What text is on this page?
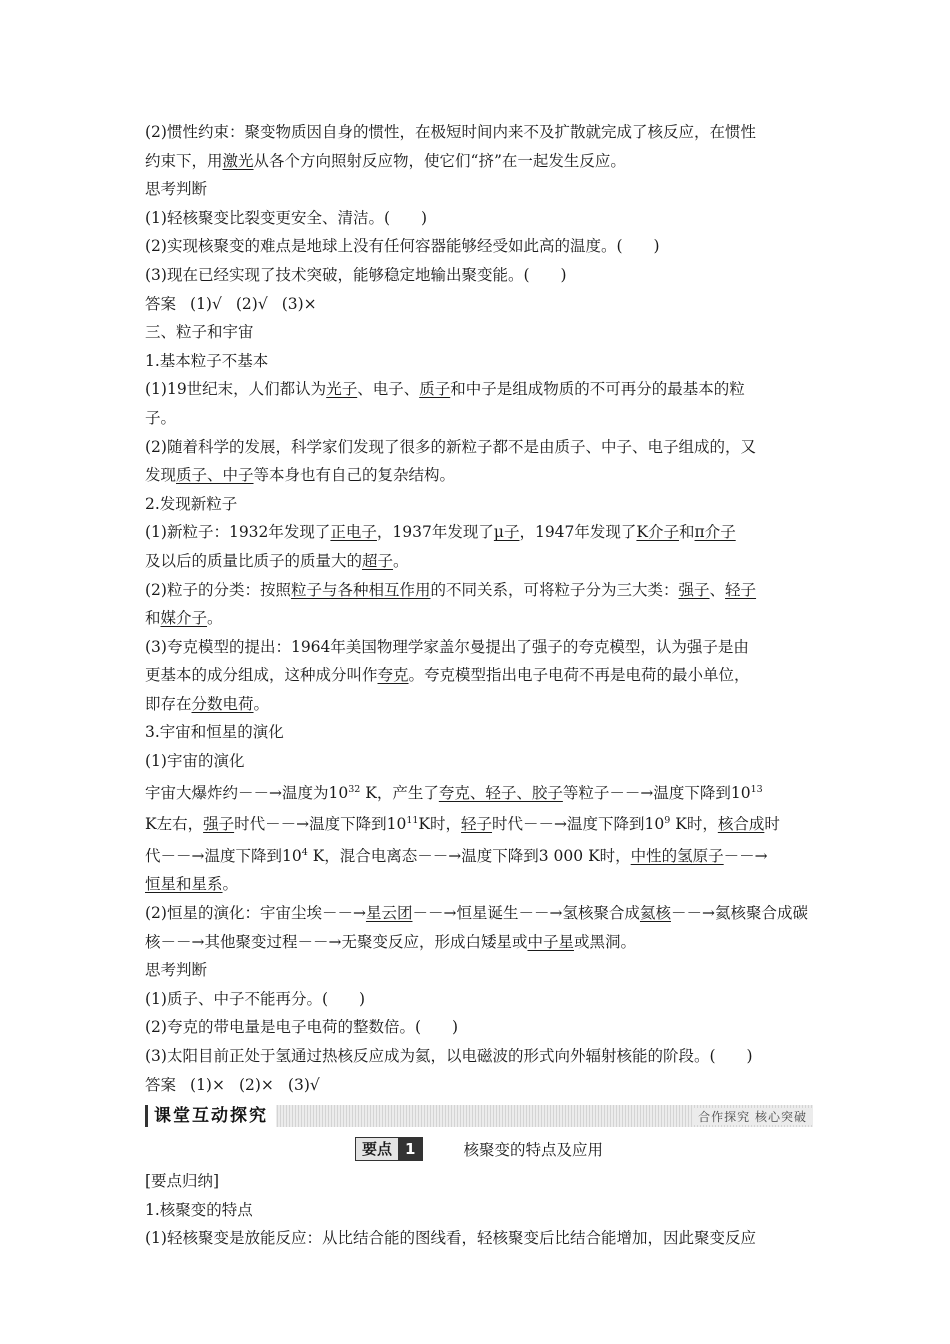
(2)惯性约束：聚变物质因自身的惯性，在极短时间内来不及扩散就完成了核反应，在惯性
约束下，用激光从各个方向照射反应物，使它们“挤”在一起发生反应。
思考判断
(1)轻核聚变比裂变更安全、清洁。(　　)
(2)实现核聚变的难点是地球上没有任何容器能够经受如此高的温度。(　　)
(3)现在已经实现了技术突破，能够稳定地输出聚变能。(　　)
答案 (1)√ (2)√ (3)×
三、粒子和宇宙
1.基本粒子不基本
(1)19世纪末，人们都认为光子、电子、质子和中子是组成物质的不可再分的最基本的粒
子。
(2)随着科学的发展，科学家们发现了很多的新粒子都不是由质子、中子、电子组成的，又
发现质子、中子等本身也有自己的复杂结构。
2.发现新粒子
(1)新粒子：1932年发现了正电子，1937年发现了μ子，1947年发现了K介子和π介子
及以后的质量比质子的质量大的超子。
(2)粒子的分类：按照粒子与各种相互作用的不同关系，可将粒子分为三大类：强子、轻子
和媒介子。
(3)夸克模型的提出：1964年美国物理学家盖尔曼提出了强子的夸克模型，认为强子是由
更基本的成分组成，这种成分叫作夸克。夸克模型指出电子电荷不再是电荷的最小单位，
即存在分数电荷。
3.宇宙和恒星的演化
(1)宇宙的演化
宇宙大爆炸约－－→温度为$10^{32}$ K，产生了夸克、轻子、胶子等粒子－－→温度下降到$10^{13}$
K左右，强子时代－－→温度下降到$10^{11}K$时，轻子时代－－→温度下降到$10^9$ K时，核合成时
代－－→温度下降到$10^4$ K，混合电离态－－→温度下降到3 000 K时，中性的氢原子－－→
恒星和星系。
(2)恒星的演化：宇宙尘埃－－→星云团－－→恒星诞生－－→氢核聚合成氦核－－→氦核聚合成碳
核－－→其他聚变过程－－→无聚变反应，形成白矮星或中子星或黑洞。
思考判断
(1)质子、中子不能再分。(　　)
(2)夸克的带电量是电子电荷的整数倍。(　　)
(3)太阳目前正处于氢通过热核反应成为氦，以电磁波的形式向外辐射核能的阶段。(　　)
答案 (1)× (2)× (3)√
课堂互动探究	合作探究 核心突破
要点 1	核聚变的特点及应用
[要点归纳]
1.核聚变的特点
(1)轻核聚变是放能反应：从比结合能的图线看，轻核聚变后比结合能增加，因此聚变反应
